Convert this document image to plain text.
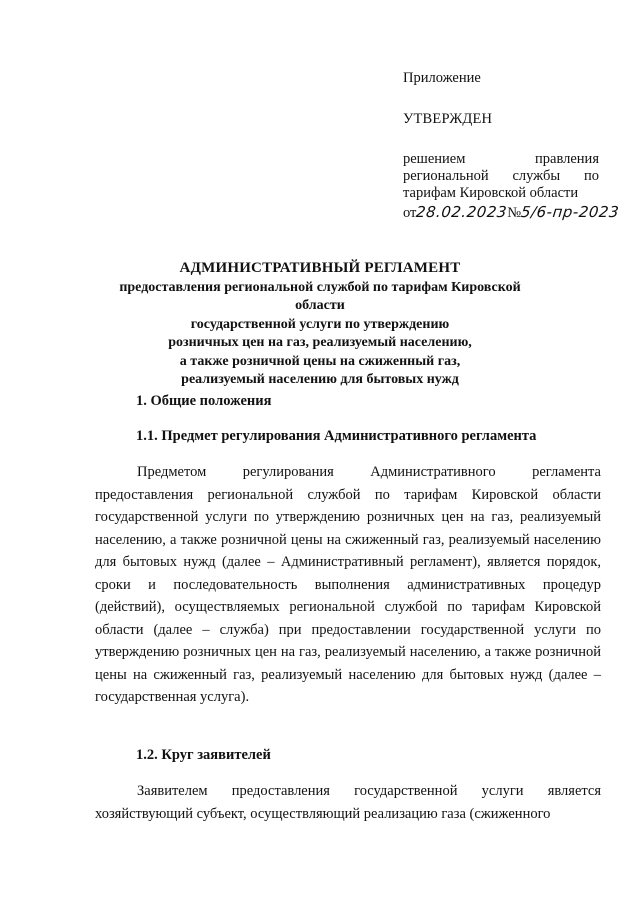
Приложение

УТВЕРЖДЕН

решением правления региональной службы по тарифам Кировской области

от 28.02.2023 № 5/6-пр-2023

АДМИНИСТРАТИВНЫЙ РЕГЛАМЕНТ
предоставления региональной службой по тарифам Кировской области
государственной услуги по утверждению
розничных цен на газ, реализуемый населению,
а также розничной цены на сжиженный газ,
реализуемый населению для бытовых нужд
1. Общие положения
1.1. Предмет регулирования Административного регламента

Предметом регулирования Административного регламента предоставления региональной службой по тарифам Кировской области государственной услуги по утверждению розничных цен на газ, реализуемый населению, а также розничной цены на сжиженный газ, реализуемый населению для бытовых нужд (далее – Административный регламент), является порядок, сроки и последовательность выполнения административных процедур (действий), осуществляемых региональной службой по тарифам Кировской области (далее – служба) при предоставлении государственной услуги по утверждению розничных цен на газ, реализуемый населению, а также розничной цены на сжиженный газ, реализуемый населению для бытовых нужд (далее – государственная услуга).

1.2. Круг заявителей

Заявителем предоставления государственной услуги является хозяйствующий субъект, осуществляющий реализацию газа (сжиженного
